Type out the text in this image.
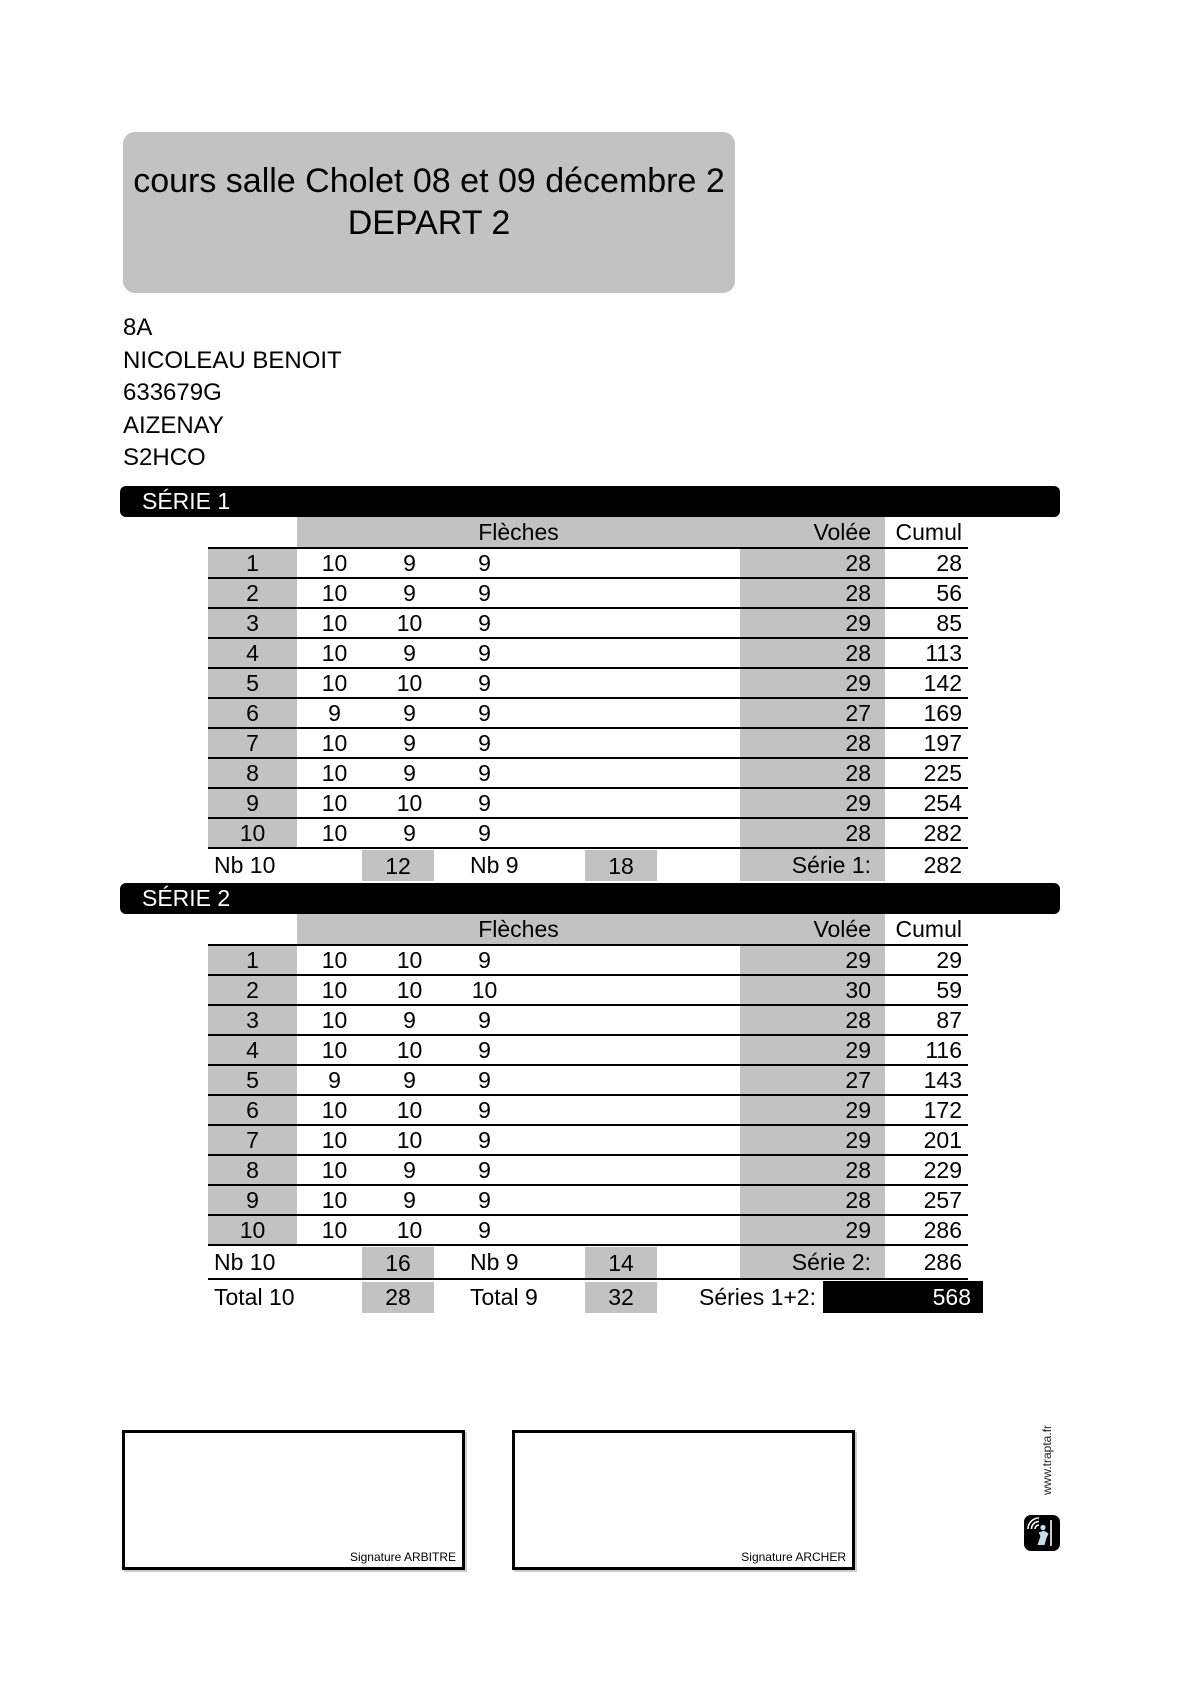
cours salle Cholet 08 et 09 décembre 2
DEPART 2
8A
NICOLEAU BENOIT
633679G
AIZENAY
S2HCO
SÉRIE 1
Flèches	Volée	Cumul
1	10	9	9	28	28
2	10	9	9	28	56
3	10	10	9	29	85
4	10	9	9	28	113
5	10	10	9	29	142
6	9	9	9	27	169
7	10	9	9	28	197
8	10	9	9	28	225
9	10	10	9	29	254
10	10	9	9	28	282
Nb 10	12	Nb 9	18	Série 1:	282
SÉRIE 2
Flèches	Volée	Cumul
1	10	10	9	29	29
2	10	10	10	30	59
3	10	9	9	28	87
4	10	10	9	29	116
5	9	9	9	27	143
6	10	10	9	29	172
7	10	10	9	29	201
8	10	9	9	28	229
9	10	9	9	28	257
10	10	10	9	29	286
Nb 10	16	Nb 9	14	Série 2:	286
Total 10	28	Total 9	32	Séries 1+2:	568
Signature ARBITRE	Signature ARCHER
www.trapta.fr
